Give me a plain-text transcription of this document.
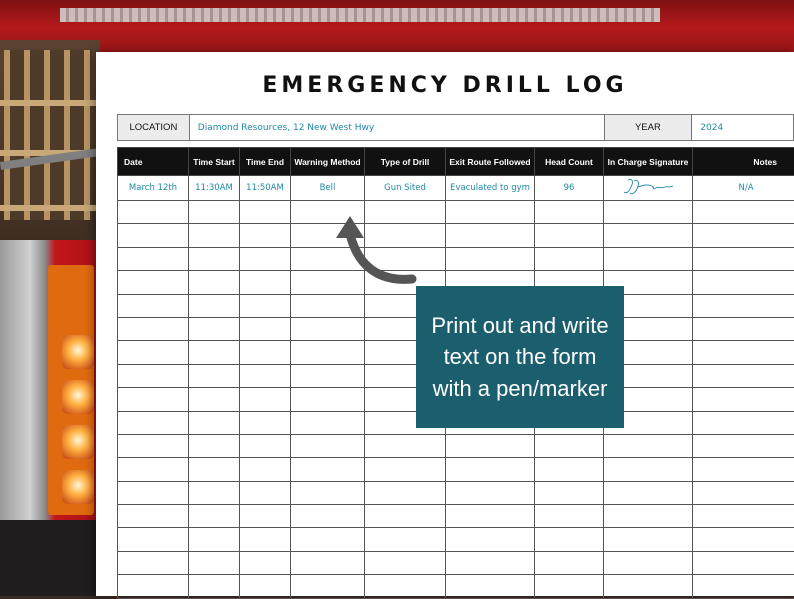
EMERGENCY DRILL LOG
LOCATION	Diamond Resources, 12 New West Hwy	YEAR	2024
Date	Time Start	Time End	Warning Method	Type of Drill	Exit Route Followed	Head Count	In Charge Signature	Notes
March 12th	11:30AM	11:50AM	Bell	Gun Sited	Evaculated to gym	96		N/A

Print out and write text on the form with a pen/marker
